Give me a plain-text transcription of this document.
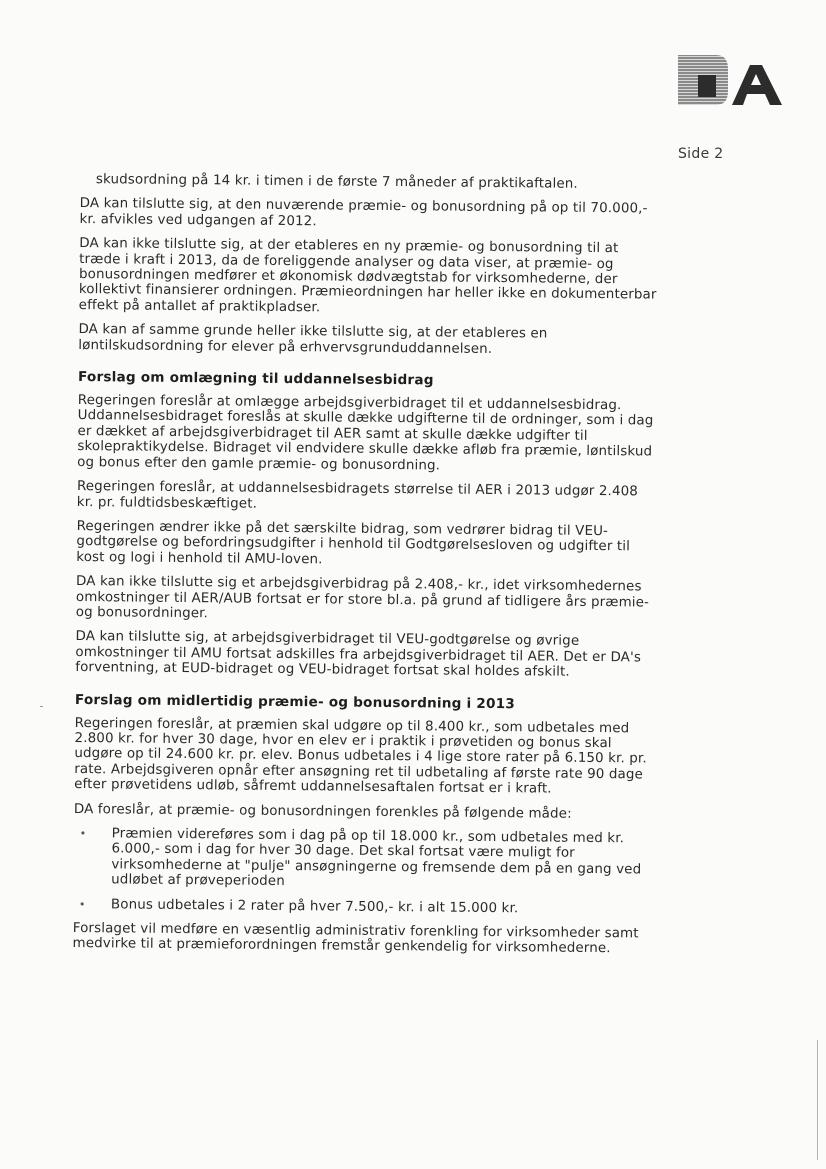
Side 2

skudsordning på 14 kr. i timen i de første 7 måneder af praktikaftalen.

DA kan tilslutte sig, at den nuværende præmie- og bonusordning på op til 70.000,- kr. afvikles ved udgangen af 2012.

DA kan ikke tilslutte sig, at der etableres en ny præmie- og bonusordning til at træde i kraft i 2013, da de foreliggende analyser og data viser, at præmie- og bonusordningen medfører et økonomisk dødvægtstab for virksomhederne, der kollektivt finansierer ordningen. Præmieordningen har heller ikke en dokumenterbar effekt på antallet af praktikpladser.

DA kan af samme grunde heller ikke tilslutte sig, at der etableres en løntilskudsordning for elever på erhvervsgrunduddannelsen.

Forslag om omlægning til uddannelsesbidrag

Regeringen foreslår at omlægge arbejdsgiverbidraget til et uddannelsesbidrag. Uddannelsesbidraget foreslås at skulle dække udgifterne til de ordninger, som i dag er dækket af arbejdsgiverbidraget til AER samt at skulle dække udgifter til skolepraktikydelse. Bidraget vil endvidere skulle dække afløb fra præmie, løntilskud og bonus efter den gamle præmie- og bonusordning.

Regeringen foreslår, at uddannelsesbidragets størrelse til AER i 2013 udgør 2.408 kr. pr. fuldtidsbeskæftiget.

Regeringen ændrer ikke på det særskilte bidrag, som vedrører bidrag til VEU-godtgørelse og befordringsudgifter i henhold til Godtgørelsesloven og udgifter til kost og logi i henhold til AMU-loven.

DA kan ikke tilslutte sig et arbejdsgiverbidrag på 2.408,- kr., idet virksomhedernes omkostninger til AER/AUB fortsat er for store bl.a. på grund af tidligere års præmie- og bonusordninger.

DA kan tilslutte sig, at arbejdsgiverbidraget til VEU-godtgørelse og øvrige omkostninger til AMU fortsat adskilles fra arbejdsgiverbidraget til AER. Det er DA's forventning, at EUD-bidraget og VEU-bidraget fortsat skal holdes afskilt.

Forslag om midlertidig præmie- og bonusordning i 2013

Regeringen foreslår, at præmien skal udgøre op til 8.400 kr., som udbetales med 2.800 kr. for hver 30 dage, hvor en elev er i praktik i prøvetiden og bonus skal udgøre op til 24.600 kr. pr. elev. Bonus udbetales i 4 lige store rater på 6.150 kr. pr. rate. Arbejdsgiveren opnår efter ansøgning ret til udbetaling af første rate 90 dage efter prøvetidens udløb, såfremt uddannelsesaftalen fortsat er i kraft.

DA foreslår, at præmie- og bonusordningen forenkles på følgende måde:

• Præmien videreføres som i dag på op til 18.000 kr., som udbetales med kr. 6.000,- som i dag for hver 30 dage. Det skal fortsat være muligt for virksomhederne at "pulje" ansøgningerne og fremsende dem på en gang ved udløbet af prøveperioden
• Bonus udbetales i 2 rater på hver 7.500,- kr. i alt 15.000 kr.

Forslaget vil medføre en væsentlig administrativ forenkling for virksomheder samt medvirke til at præmieforordningen fremstår genkendelig for virksomhederne.
